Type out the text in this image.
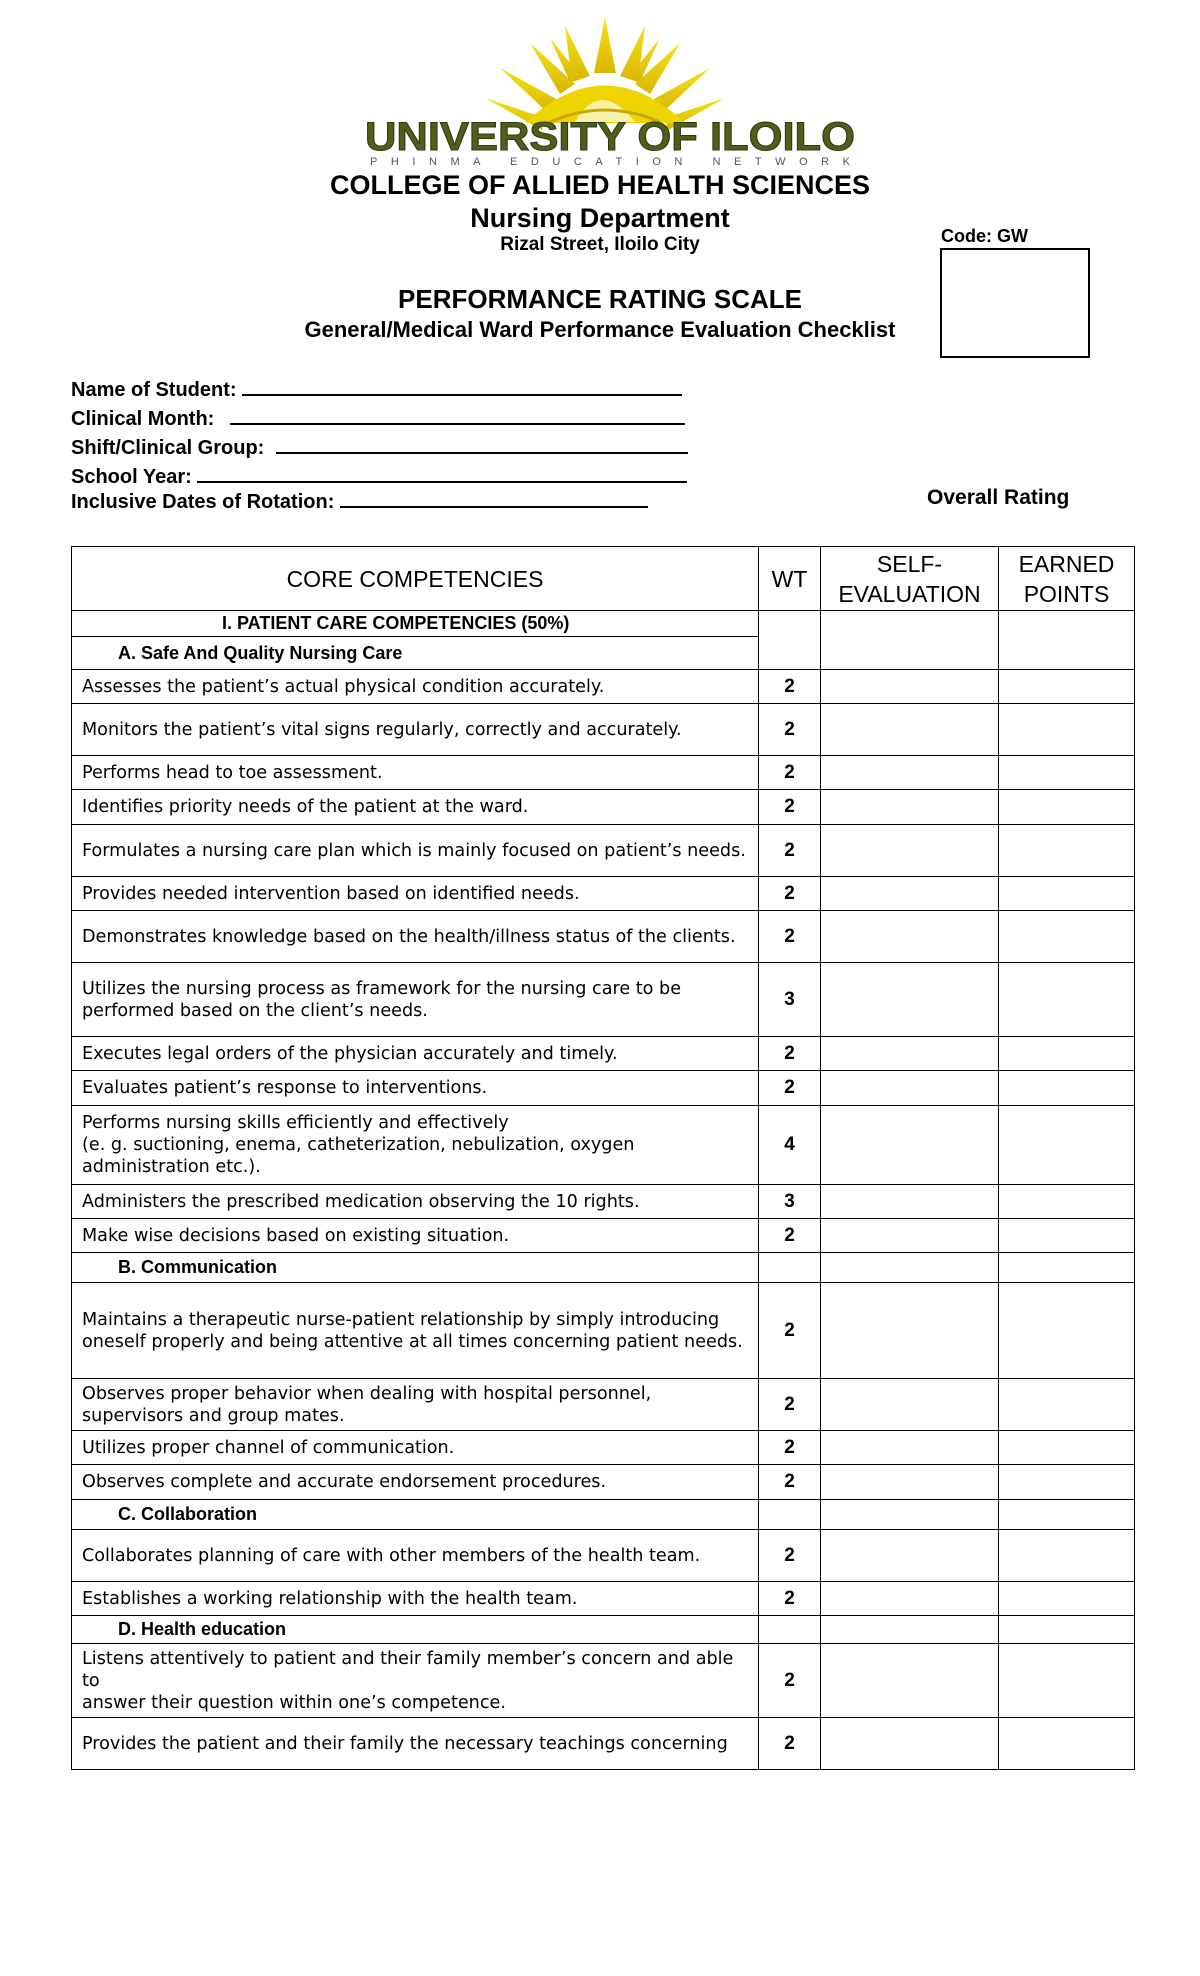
UNIVERSITY OF ILOILO
PHINMA EDUCATION NETWORK
COLLEGE OF ALLIED HEALTH SCIENCES
Nursing Department
Rizal Street, Iloilo City
PERFORMANCE RATING SCALE
General/Medical Ward Performance Evaluation Checklist
Code: GW
Name of Student:
Clinical Month:
Shift/Clinical Group:
School Year:
Inclusive Dates of Rotation:	Overall Rating
CORE COMPETENCIES	WT	SELF-EVALUATION	EARNED POINTS
I. PATIENT CARE COMPETENCIES (50%)			
A. Safe And Quality Nursing Care			
Assesses the patient’s actual physical condition accurately.	2		
Monitors the patient’s vital signs regularly, correctly and accurately.	2		
Performs head to toe assessment.	2		
Identifies priority needs of the patient at the ward.	2		
Formulates a nursing care plan which is mainly focused on patient’s needs.	2		
Provides needed intervention based on identified needs.	2		
Demonstrates knowledge based on the health/illness status of the clients.	2		
Utilizes the nursing process as framework for the nursing care to be
performed based on the client’s needs.	3		
Executes legal orders of the physician accurately and timely.	2		
Evaluates patient’s response to interventions.	2		
Performs nursing skills efficiently and effectively
(e. g. suctioning, enema, catheterization, nebulization, oxygen administration etc.).	4		
Administers the prescribed medication observing the 10 rights.	3		
Make wise decisions based on existing situation.	2		
B. Communication			
Maintains a therapeutic nurse-patient relationship by simply introducing
oneself properly and being attentive at all times concerning patient needs.	2		
Observes proper behavior when dealing with hospital personnel, supervisors and group mates.	2		
Utilizes proper channel of communication.	2		
Observes complete and accurate endorsement procedures.	2		
C. Collaboration			
Collaborates planning of care with other members of the health team.	2		
Establishes a working relationship with the health team.	2		
D. Health education			
Listens attentively to patient and their family member’s concern and able to
answer their question within one’s competence.	2		
Provides the patient and their family the necessary teachings concerning	2		
